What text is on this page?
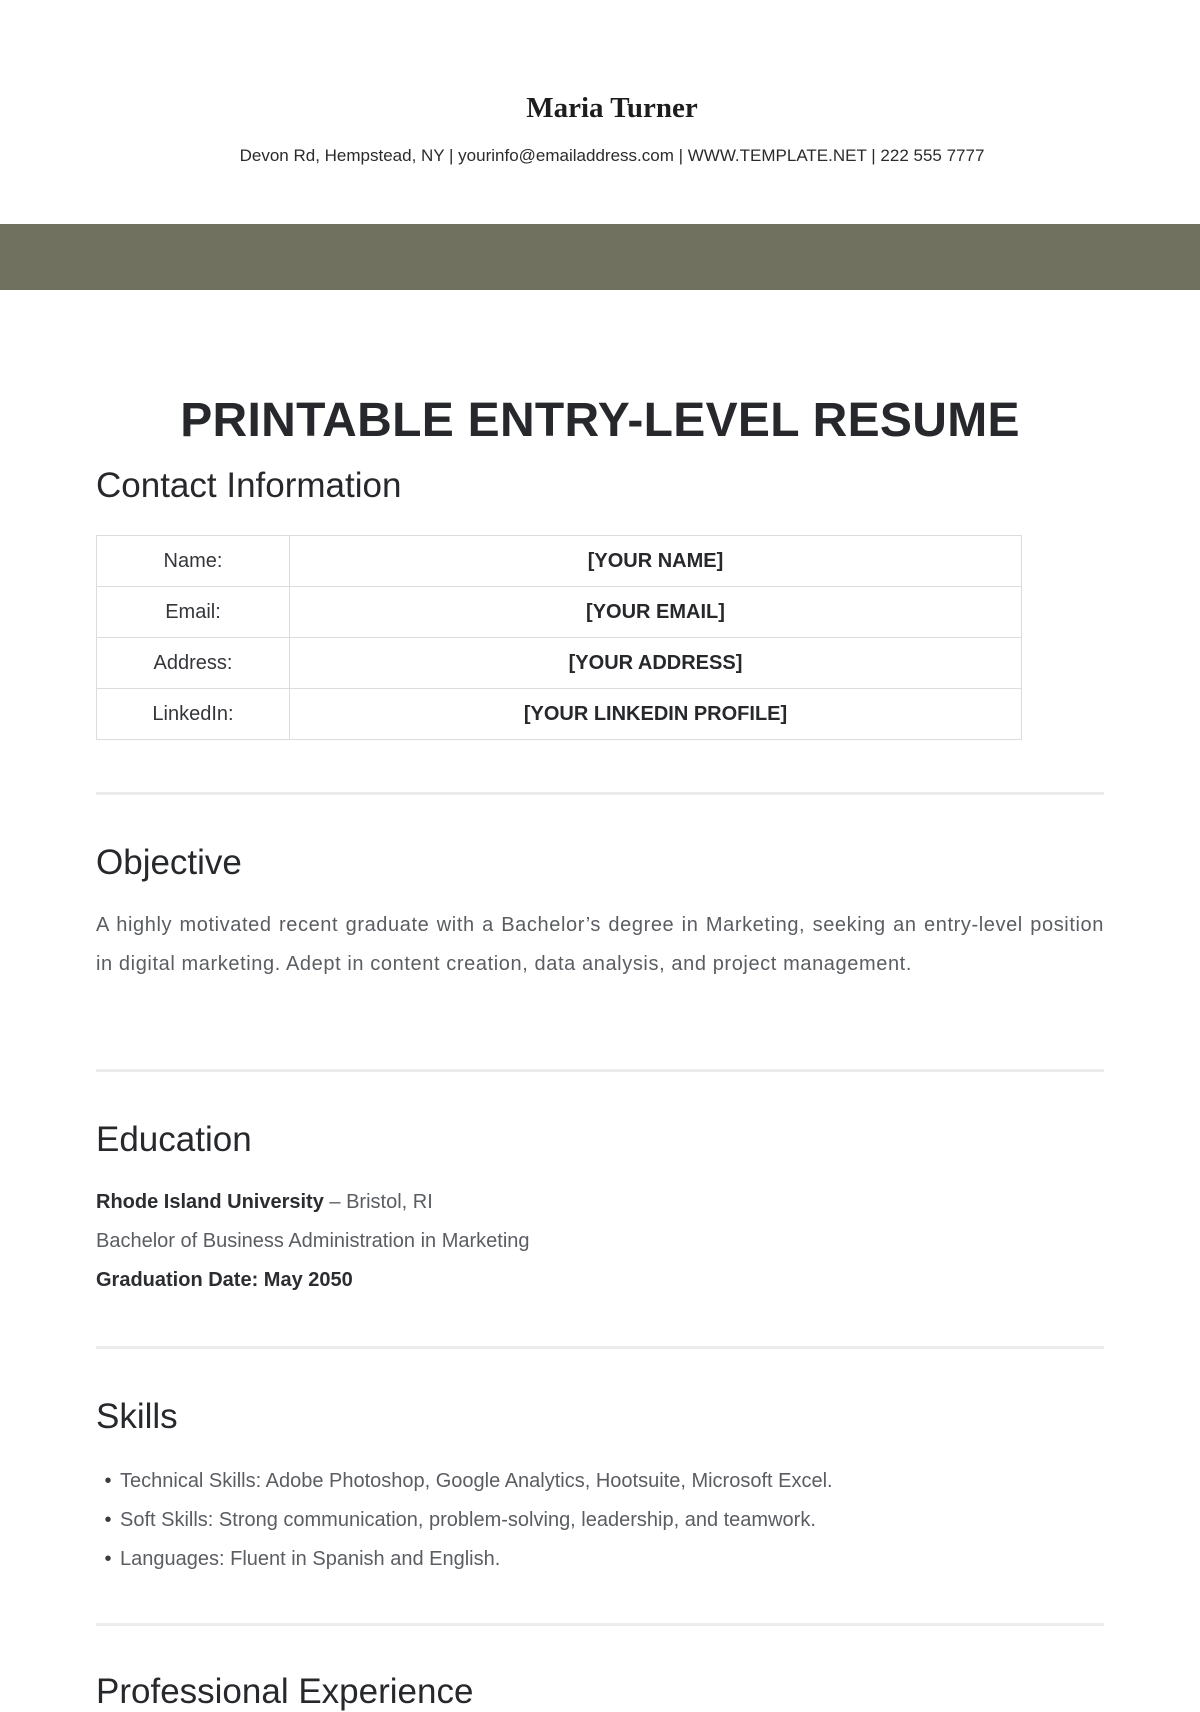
Maria Turner
Devon Rd, Hempstead, NY | yourinfo@emailaddress.com | WWW.TEMPLATE.NET | 222 555 7777
PRINTABLE ENTRY-LEVEL RESUME
Contact Information
Name:	[YOUR NAME]
Email:	[YOUR EMAIL]
Address:	[YOUR ADDRESS]
LinkedIn:	[YOUR LINKEDIN PROFILE]
Objective
A highly motivated recent graduate with a Bachelor’s degree in Marketing, seeking an entry-level position in digital marketing. Adept in content creation, data analysis, and project management.
Education
Rhode Island University – Bristol, RI
Bachelor of Business Administration in Marketing
Graduation Date: May 2050
Skills
• Technical Skills: Adobe Photoshop, Google Analytics, Hootsuite, Microsoft Excel.
• Soft Skills: Strong communication, problem-solving, leadership, and teamwork.
• Languages: Fluent in Spanish and English.
Professional Experience
